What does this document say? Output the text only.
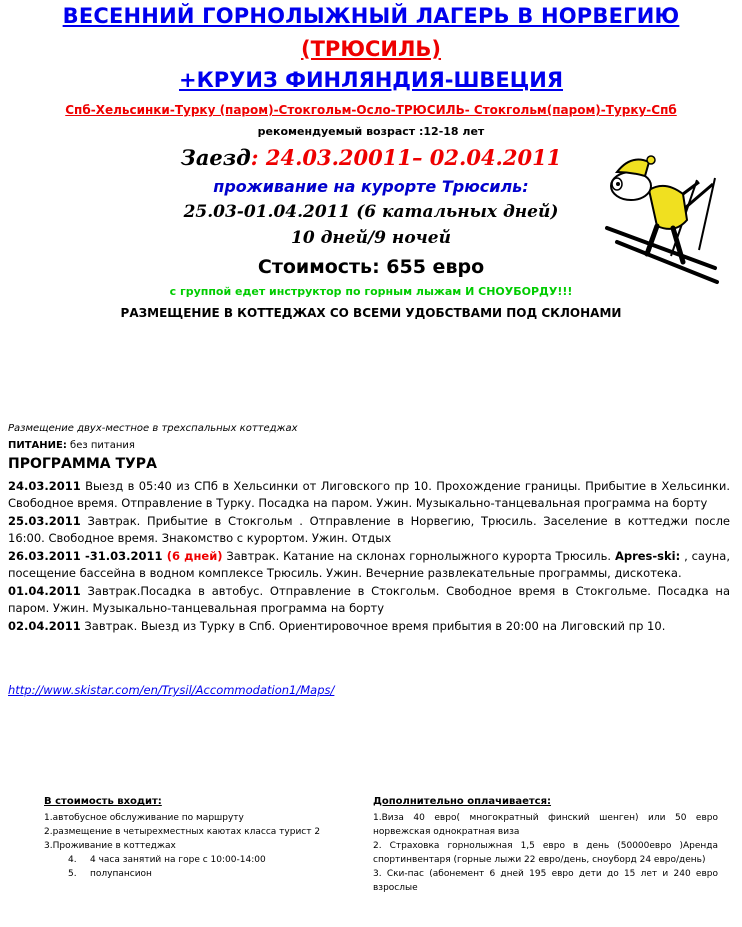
ВЕСЕННИЙ ГОРНОЛЫЖНЫЙ ЛАГЕРЬ В НОРВЕГИЮ
(ТРЮСИЛЬ)
+КРУИЗ ФИНЛЯНДИЯ-ШВЕЦИЯ
Спб-Хельсинки-Турку (паром)-Стокгольм-Осло-ТРЮСИЛЬ- Стокгольм(паром)-Турку-Спб
рекомендуемый возраст :12-18 лет
Заезд: 24.03.20011– 02.04.2011
проживание на курорте Трюсиль:
25.03-01.04.2011 (6 катальных дней)
10 дней/9 ночей
Стоимость: 655 евро
с группой едет инструктор по горным лыжам И СНОУБОРДУ!!!
РАЗМЕЩЕНИЕ В КОТТЕДЖАХ СО ВСЕМИ УДОБСТВАМИ ПОД СКЛОНАМИ
Размещение двух-местное в трехспальных коттеджах
ПИТАНИЕ: без питания
ПРОГРАММА ТУРА

24.03.2011 Выезд в 05:40 из СПб в Хельсинки от Лиговского пр 10. Прохождение границы. Прибытие в Хельсинки. Свободное время. Отправление в Турку. Посадка на паром. Ужин. Музыкально-танцевальная программа на борту

25.03.2011 Завтрак. Прибытие в Стокгольм . Отправление в Норвегию, Трюсиль. Заселение в коттеджи после 16:00. Свободное время. Знакомство с курортом. Ужин. Отдых

26.03.2011 -31.03.2011 (6 дней) Завтрак. Катание на склонах горнолыжного курорта Трюсиль. Apres-ski: , сауна, посещение бассейна в водном комплексе Трюсиль. Ужин. Вечерние развлекательные программы, дискотека.

01.04.2011 Завтрак.Посадка в автобус. Отправление в Стокгольм. Свободное время в Стокгольме. Посадка на паром. Ужин. Музыкально-танцевальная программа на борту

02.04.2011 Завтрак. Выезд из Турку в Спб. Ориентировочное время прибытия в 20:00 на Лиговский пр 10.

http://www.skistar.com/en/Trysil/Accommodation1/Maps/
В стоимость входит:
1.автобусное обслуживание по маршруту
2.размещение в четырехместных каютах класса турист 2
3.Проживание в коттеджах
4. 4 часа занятий на горе с 10:00-14:00
5. полупансион
Дополнительно оплачивается:
1.Виза 40 евро( многократный финский шенген) или 50 евро норвежская однократная виза
2. Страховка горнолыжная 1,5 евро в день (50000евро )Аренда спортинвентаря (горные лыжи 22 евро/день, сноуборд 24 евро/день)
3. Ски-пас (абонемент 6 дней 195 евро дети до 15 лет и 240 евро взрослые
